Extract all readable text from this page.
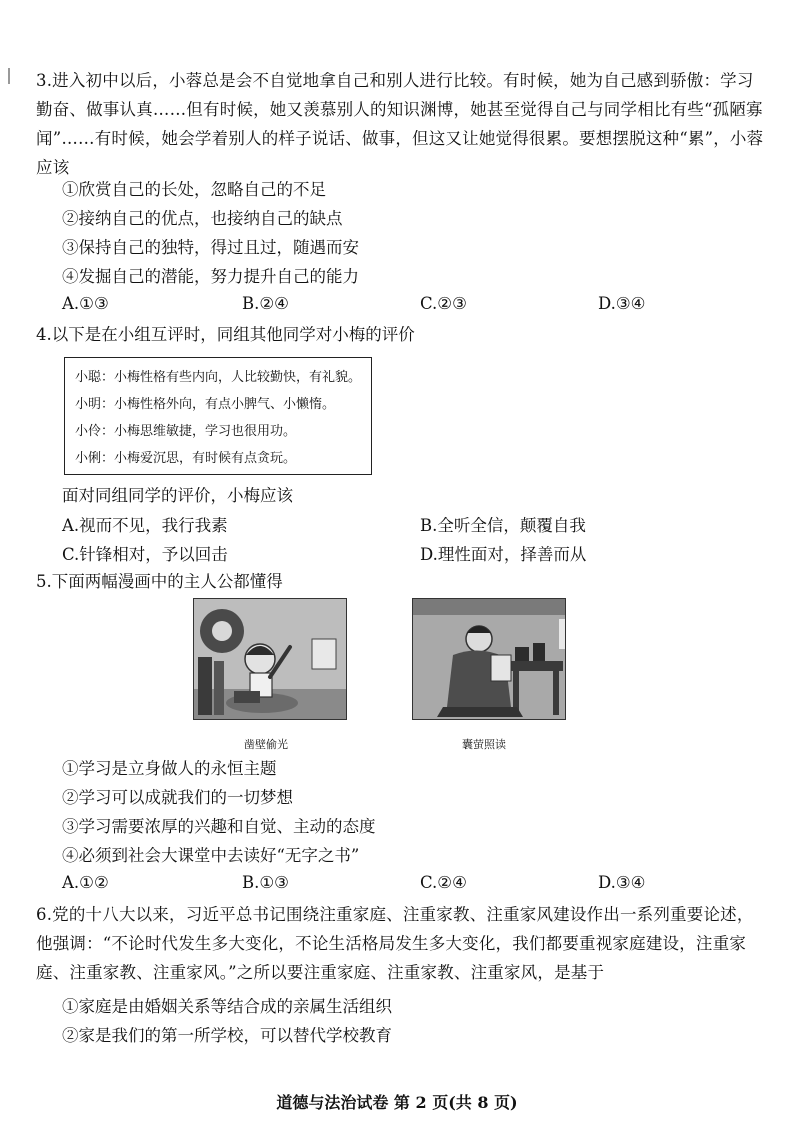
3.进入初中以后，小蓉总是会不自觉地拿自己和别人进行比较。有时候，她为自己感到骄傲：学习勤奋、做事认真……但有时候，她又羡慕别人的知识渊博，她甚至觉得自己与同学相比有些“孤陋寡闻”……有时候，她会学着别人的样子说话、做事，但这又让她觉得很累。要想摆脱这种“累”，小蓉应该
①欣赏自己的长处，忽略自己的不足
②接纳自己的优点，也接纳自己的缺点
③保持自己的独特，得过且过，随遇而安
④发掘自己的潜能，努力提升自己的能力
A.①③	B.②④	C.②③	D.③④
4.以下是在小组互评时，同组其他同学对小梅的评价
小聪：小梅性格有些内向，人比较勤快，有礼貌。
小明：小梅性格外向，有点小脾气、小懒惰。
小伶：小梅思维敏捷，学习也很用功。
小俐：小梅爱沉思，有时候有点贪玩。
面对同组同学的评价，小梅应该
A.视而不见，我行我素	B.全听全信，颠覆自我
C.针锋相对，予以回击	D.理性面对，择善而从
5.下面两幅漫画中的主人公都懂得
凿壁偷光	囊萤照读
①学习是立身做人的永恒主题
②学习可以成就我们的一切梦想
③学习需要浓厚的兴趣和自觉、主动的态度
④必须到社会大课堂中去读好“无字之书”
A.①②	B.①③	C.②④	D.③④
6.党的十八大以来，习近平总书记围绕注重家庭、注重家教、注重家风建设作出一系列重要论述，他强调：“不论时代发生多大变化，不论生活格局发生多大变化，我们都要重视家庭建设，注重家庭、注重家教、注重家风。”之所以要注重家庭、注重家教、注重家风，是基于
①家庭是由婚姻关系等结合成的亲属生活组织
②家是我们的第一所学校，可以替代学校教育
道德与法治试卷 第 2 页(共 8 页)
